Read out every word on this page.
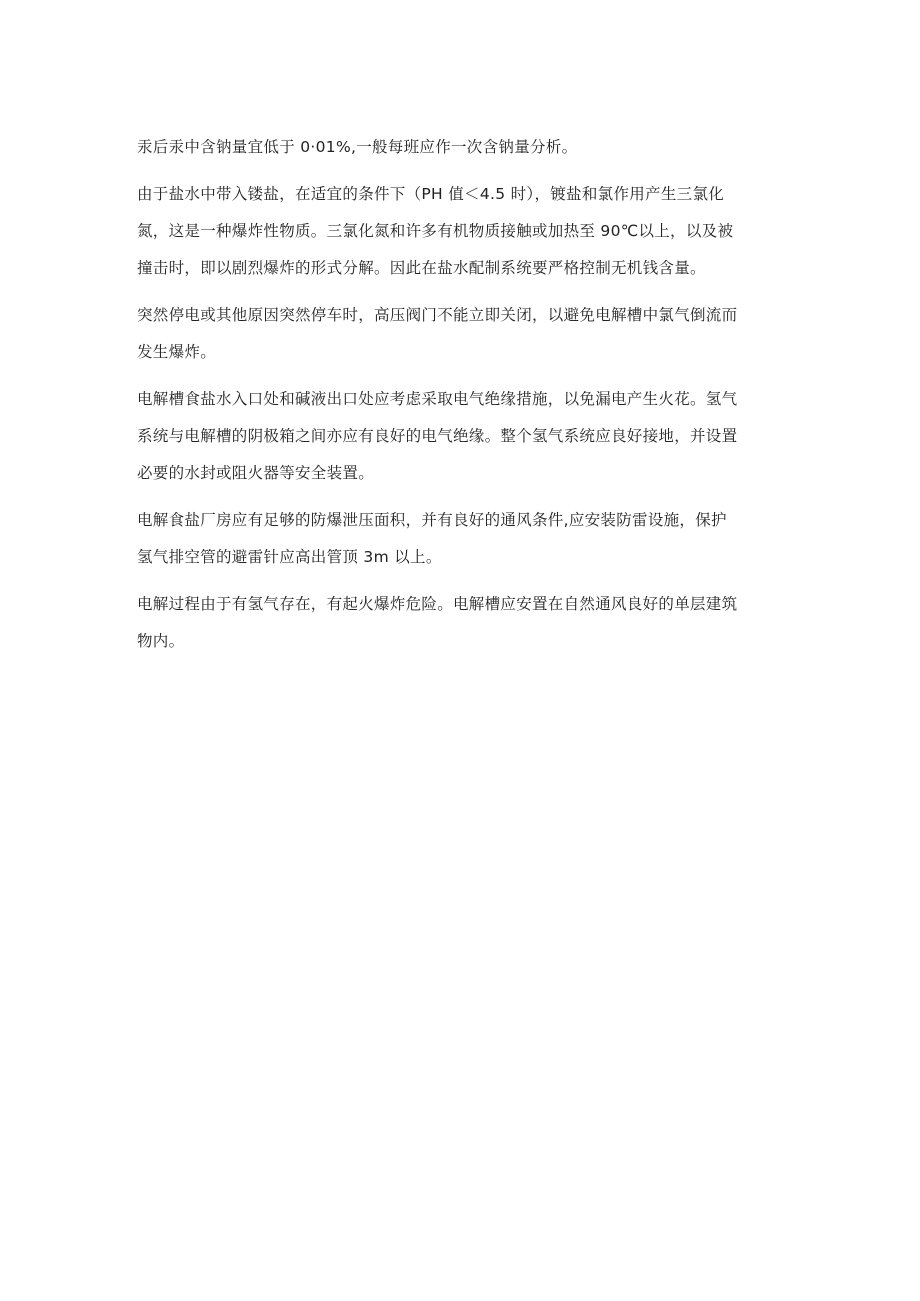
汞后汞中含钠量宜低于 0·01%,一般每班应作一次含钠量分析。

由于盐水中带入镂盐，在适宜的条件下（PH 值＜4.5 时），镀盐和氯作用产生三氯化
氮，这是一种爆炸性物质。三氯化氮和许多有机物质接触或加热至 90℃以上，以及被
撞击时，即以剧烈爆炸的形式分解。因此在盐水配制系统要严格控制无机钱含量。

突然停电或其他原因突然停车时，高压阀门不能立即关闭，以避免电解槽中氯气倒流而
发生爆炸。

电解槽食盐水入口处和碱液出口处应考虑采取电气绝缘措施，以免漏电产生火花。氢气
系统与电解槽的阴极箱之间亦应有良好的电气绝缘。整个氢气系统应良好接地，并设置
必要的水封或阻火器等安全装置。

电解食盐厂房应有足够的防爆泄压面积，并有良好的通风条件,应安装防雷设施，保护
氢气排空管的避雷针应高出管顶 3m 以上。

电解过程由于有氢气存在，有起火爆炸危险。电解槽应安置在自然通风良好的单层建筑
物内。
